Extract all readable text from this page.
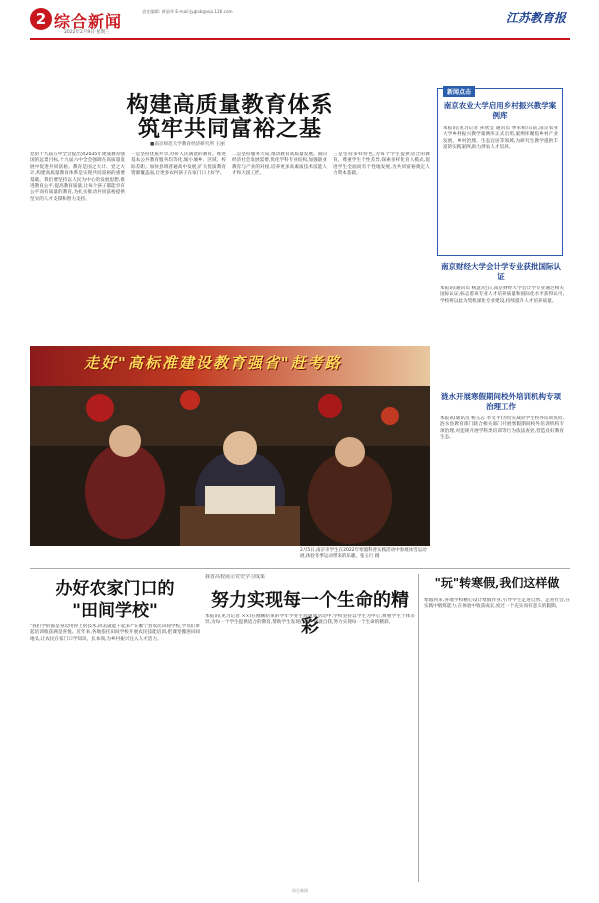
2 综合新闻
2022年2月9日 星期三
责任编辑: 黄丽华 E-mail:jyglxb@vip.126.com	江苏教育报
构建高质量教育体系
筑牢共同富裕之基
■南京师范大学教育经济研究所 王丽
党的十九届五中全会提出到2035年建成教育强国的远景目标,十九届六中全会强调在高质量发展中促进共同富裕。教育是国之大计、党之大计,构建高质量教育体系是实现共同富裕的重要基础。我们要坚持以人民为中心的发展思想,推进教育公平,提高教育质量,让每个孩子都能享有公平而有质量的教育,为扎实推动共同富裕提供坚实的人才支撑和智力支持。
一是坚持优质共享,办好人民满意的教育。推进基本公共教育服务均等化,缩小城乡、区域、校际差距。加快县域普通高中发展,扩大优质教育资源覆盖面,让更多农村孩子在家门口上好学。
二是坚持服务大局,推动教育高质量发展。面向经济社会发展需要,优化学科专业结构,加强职业教育与产业的对接,培养更多高素质技术技能人才和大国工匠。
三是坚持多样特色,为每个学生提供适合的教育。尊重学生个性差异,探索多样化育人模式,促进学生全面而有个性地发展,为共同富裕奠定人力资本基础。
新闻点击
南京农业大学启用乡村振兴教学案例库
本报讯(见习记者 孙欣莹 通讯员 季永祺)日前,南京农业大学乡村振兴教学案例库正式启用,案例库聚焦乡村产业发展、乡村治理、生态宜居等领域,为研究生教学提供丰富的实践案例,助力涉农人才培养。
南京财经大学会计学专业获批国际认证
本报讯(通讯员 杨慧)近日,南京财经大学会计学专业通过相关国际认证,标志着该专业人才培养质量和国际化水平获得认可,学校将以此为契机深化专业建设,持续提升人才培养质量。
涟水开展寒假期间校外培训机构专项治理工作
本报讯(通讯员 杨玉志 李文平)为切实减轻学生校外培训负担,涟水县教育部门联合相关部门开展寒假期间校外培训机构专项治理,对违规开展学科类培训等行为依法查处,营造良好教育生态。
走好"高标准建设教育强省"赶考路
2月5日,南京市学生在2022年寒假科普实践活动中参观冰雪运动展,体验冬季运动带来的乐趣。张玉行 摄
办好农家门口的
"田间学校"
"我们学的都是身边用得上的技术,回去就能干起来!"在睢宁县农民田间学校,学员们讲起培训收获满是喜悦。近年来,各地依托田间学校开展农民技能培训,把课堂搬进田间地头,让农民在家门口学知识、长本领,为乡村振兴注入人才活力。
我省高校展示党史学习成果
努力实现每一个生命的精彩
本报讯(见习记者 ××)在刚刚结束的学年学业生涯规划活动中,学校坚持以学生为中心,尊重学生个体差异,为每一个学生提供适合的教育,帮助学生发现自我、成就自我,努力实现每一个生命的精彩。
"玩"转寒假,我们这样做
寒假到来,各地学校精心设计寒假作业,引导学生走进自然、走进社会,在实践中锻炼能力,在体验中收获成长,度过一个充实而有意义的假期。
综合新闻
